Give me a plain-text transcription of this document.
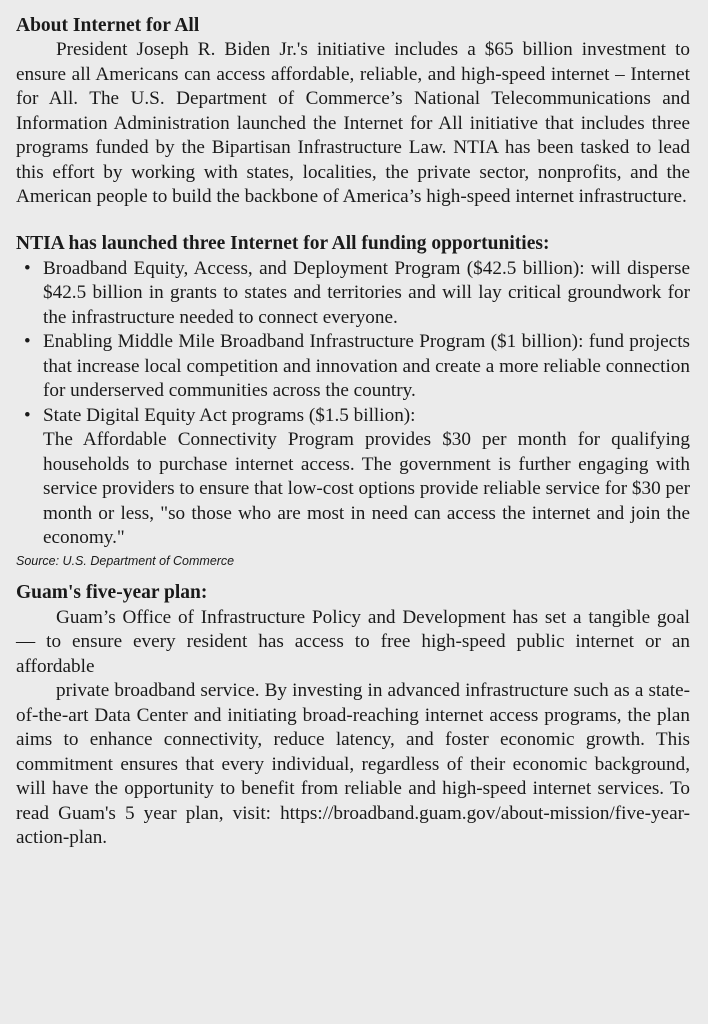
About Internet for All

President Joseph R. Biden Jr.'s initiative includes a $65 billion investment to ensure all Americans can access affordable, reliable, and high-speed internet – Internet for All. The U.S. Department of Commerce’s National Telecommunications and Information Administration launched the Internet for All initiative that includes three programs funded by the Bipartisan Infrastructure Law. NTIA has been tasked to lead this effort by working with states, localities, the private sector, nonprofits, and the American people to build the backbone of America’s high-speed internet infrastructure.

NTIA has launched three Internet for All funding opportunities:
• Broadband Equity, Access, and Deployment Program ($42.5 billion): will disperse $42.5 billion in grants to states and territories and will lay critical groundwork for the infrastructure needed to connect everyone.
• Enabling Middle Mile Broadband Infrastructure Program ($1 billion): fund projects that increase local competition and innovation and create a more reliable connection for underserved communities across the country.
• State Digital Equity Act programs ($1.5 billion):
The Affordable Connectivity Program provides $30 per month for qualifying households to purchase internet access. The government is further engaging with service providers to ensure that low-cost options provide reliable service for $30 per month or less, "so those who are most in need can access the internet and join the economy."

Source: U.S. Department of Commerce

Guam's five-year plan:

Guam’s Office of Infrastructure Policy and Development has set a tangible goal — to ensure every resident has access to free high-speed public internet or an affordable

private broadband service. By investing in advanced infrastructure such as a state-of-the-art Data Center and initiating broad-reaching internet access programs, the plan aims to enhance connectivity, reduce latency, and foster economic growth. This commitment ensures that every individual, regardless of their economic background, will have the opportunity to benefit from reliable and high-speed internet services. To read Guam's 5 year plan, visit: https://broadband.guam.gov/about-mission/five-year-action-plan.
